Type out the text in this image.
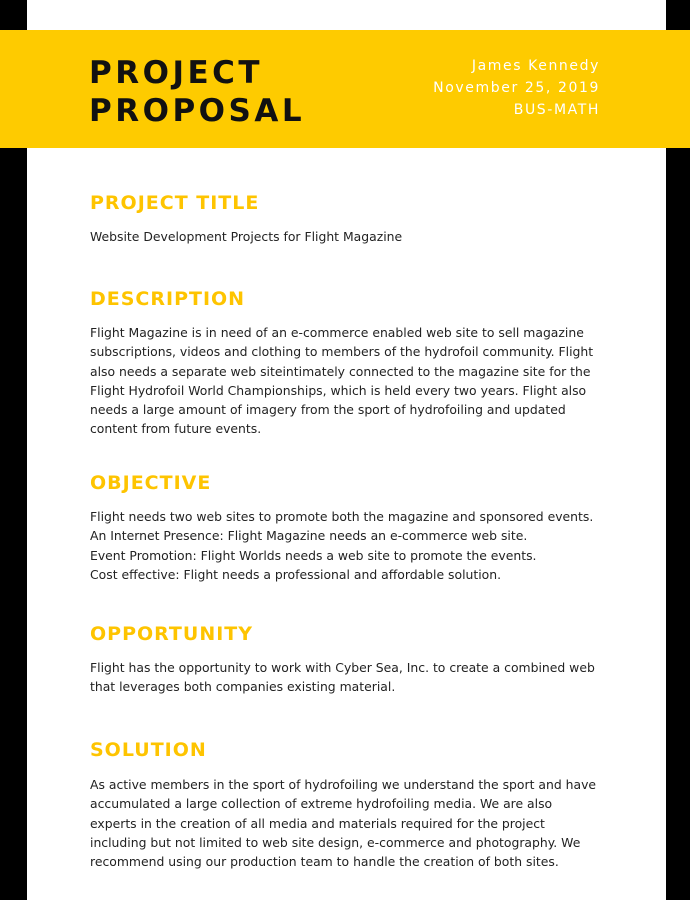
PROJECT
PROPOSAL
James Kennedy
November 25, 2019
BUS-MATH
PROJECT TITLE
Website Development Projects for Flight Magazine
DESCRIPTION
Flight Magazine is in need of an e-commerce enabled web site to sell magazine
subscriptions, videos and clothing to members of the hydrofoil community. Flight
also needs a separate web siteintimately connected to the magazine site for the
Flight Hydrofoil World Championships, which is held every two years. Flight also
needs a large amount of imagery from the sport of hydrofoiling and updated
content from future events.
OBJECTIVE
Flight needs two web sites to promote both the magazine and sponsored events.
An Internet Presence: Flight Magazine needs an e-commerce web site.
Event Promotion: Flight Worlds needs a web site to promote the events.
Cost effective: Flight needs a professional and affordable solution.
OPPORTUNITY
Flight has the opportunity to work with Cyber Sea, Inc. to create a combined web
that leverages both companies existing material.
SOLUTION
As active members in the sport of hydrofoiling we understand the sport and have
accumulated a large collection of extreme hydrofoiling media. We are also
experts in the creation of all media and materials required for the project
including but not limited to web site design, e-commerce and photography. We
recommend using our production team to handle the creation of both sites.
